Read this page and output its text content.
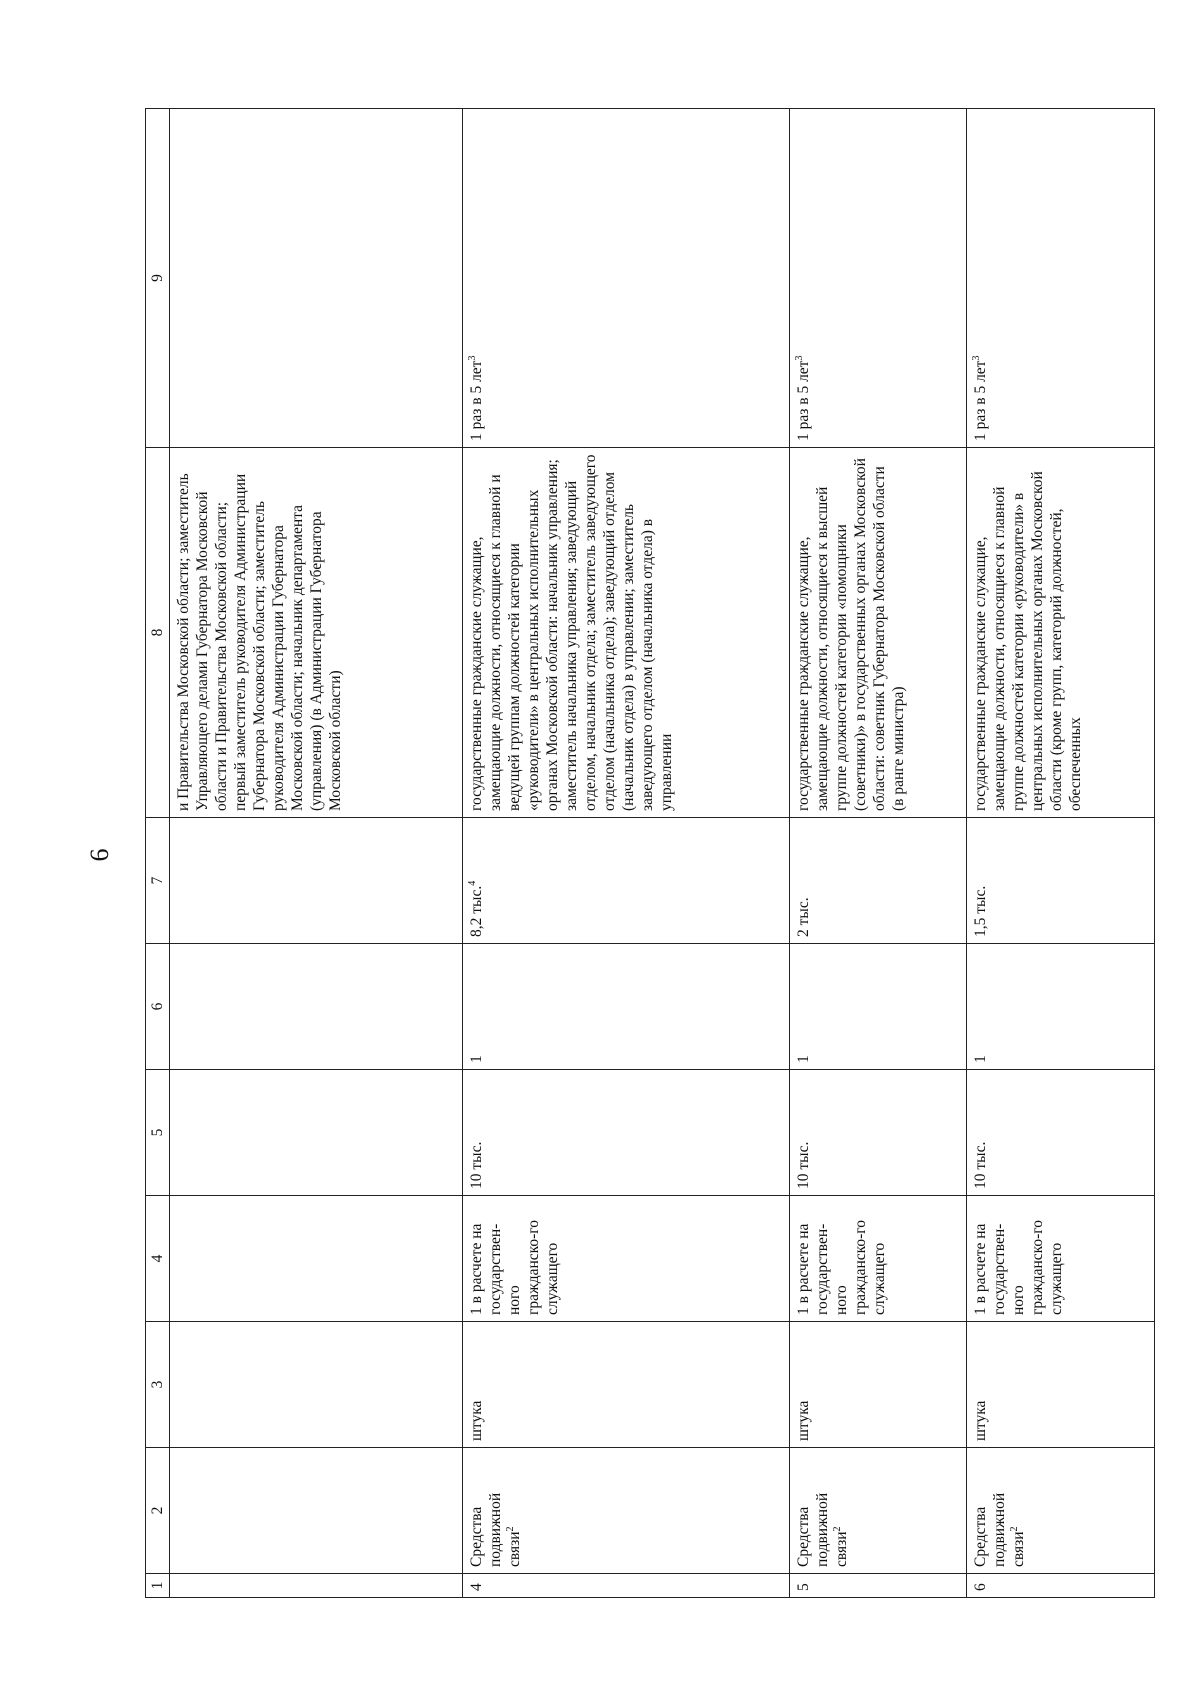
6
1	2	3	4	5	6	7	8	9
							и Правительства Московской области; заместитель Управляющего делами Губернатора Московской области и Правительства Московской области; первый заместитель руководителя Администрации Губернатора Московской области; заместитель руководителя Администрации Губернатора Московской области; начальник департамента (управления) (в Администрации Губернатора Московской области)	
4	Средства подвижной связи$^2$	штука	1 в расчете на государствен-ного гражданско-го служащего	10 тыс.	1	8,2 тыс.$^4$	государственные гражданские служащие, замещающие должности, относящиеся к главной и ведущей группам должностей категории «руководители» в центральных исполнительных органах Московской области: начальник управления; заместитель начальника управления; заведующий отделом, начальник отдела; заместитель заведующего отделом (начальника отдела); заведующий отделом (начальник отдела) в управлении; заместитель заведующего отделом (начальника отдела) в управлении	1 раз в 5 лет$^3$
5	Средства подвижной связи$^2$	штука	1 в расчете на государствен-ного гражданско-го служащего	10 тыс.	1	2 тыс.	государственные гражданские служащие, замещающие должности, относящиеся к высшей группе должностей категории «помощники (советники)» в государственных органах Московской области: советник Губернатора Московской области (в ранге министра)	1 раз в 5 лет$^3$
6	Средства подвижной связи$^2$	штука	1 в расчете на государствен-ного гражданско-го служащего	10 тыс.	1	1,5 тыс.	государственные гражданские служащие, замещающие должности, относящиеся к главной группе должностей категории «руководители» в центральных исполнительных органах Московской области (кроме групп, категорий должностей, обеспеченных	1 раз в 5 лет$^3$
